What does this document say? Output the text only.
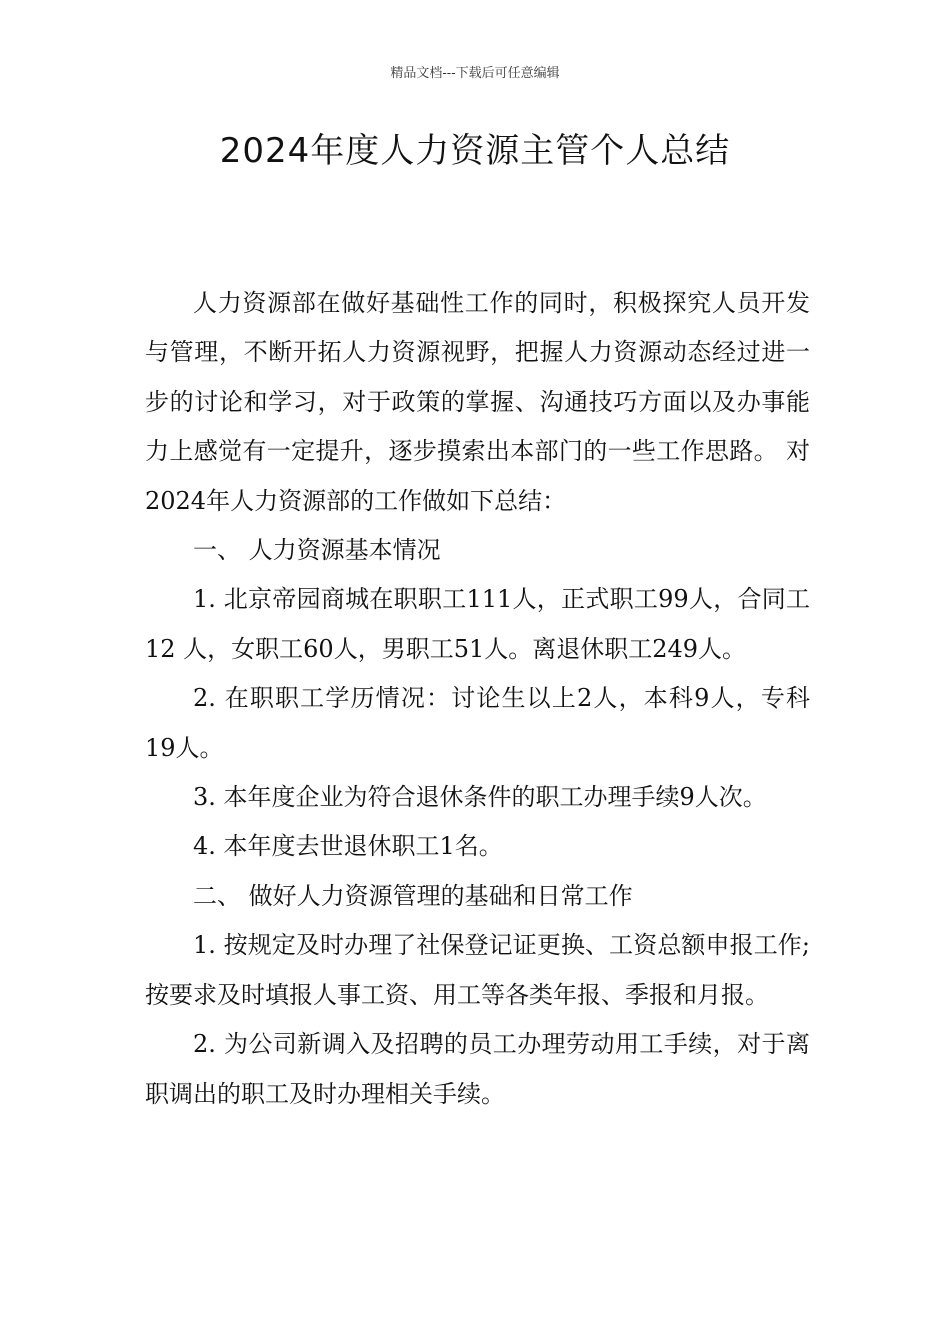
精品文档---下载后可任意编辑
2024年度人力资源主管个人总结

人力资源部在做好基础性工作的同时，积极探究人员开发与管理，不断开拓人力资源视野，把握人力资源动态经过进一步的讨论和学习，对于政策的掌握、沟通技巧方面以及办事能力上感觉有一定提升，逐步摸索出本部门的一些工作思路。 对2024年人力资源部的工作做如下总结：

一、 人力资源基本情况

1. 北京帝园商城在职职工111人，正式职工99人，合同工12 人，女职工60人，男职工51人。离退休职工249人。

2. 在职职工学历情况：讨论生以上2人，本科9人，专科19人。

3. 本年度企业为符合退休条件的职工办理手续9人次。

4. 本年度去世退休职工1名。

二、 做好人力资源管理的基础和日常工作

1. 按规定及时办理了社保登记证更换、工资总额申报工作;按要求及时填报人事工资、用工等各类年报、季报和月报。

2. 为公司新调入及招聘的员工办理劳动用工手续，对于离职调出的职工及时办理相关手续。
